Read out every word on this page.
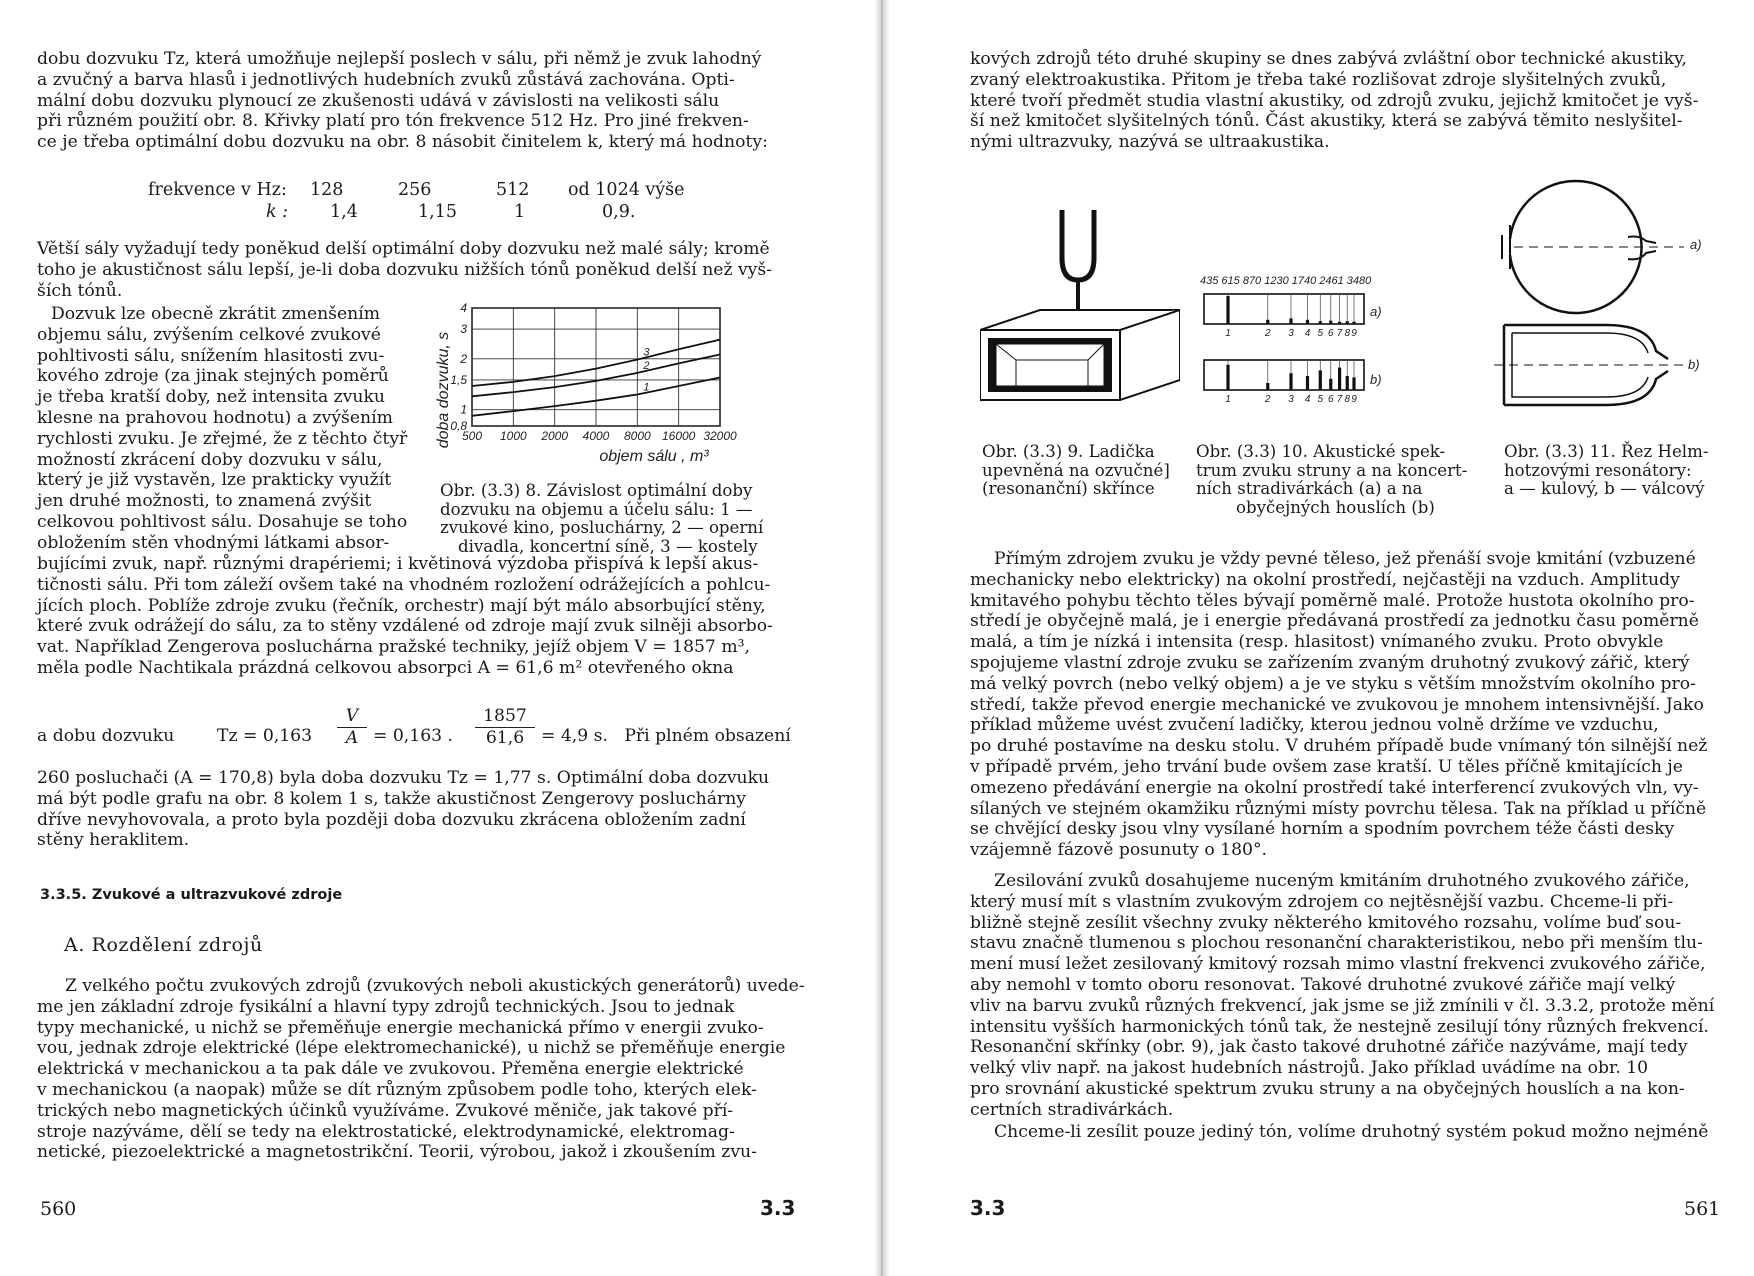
dobu dozvuku Tz, která umožňuje nejlepší poslech v sálu, při němž je zvuk lahodný
a zvučný a barva hlasů i jednotlivých hudebních zvuků zůstává zachována. Opti-
mální dobu dozvuku plynoucí ze zkušenosti udává v závislosti na velikosti sálu
při různém použití obr. 8. Křivky platí pro tón frekvence 512 Hz. Pro jiné frekven-
ce je třeba optimální dobu dozvuku na obr. 8 násobit činitelem k, který má hodnoty:
frekvence v Hz: 128	256	512 od 1024 výše
k : 1,4	1,15	1	0,9.
Větší sály vyžadují tedy poněkud delší optimální doby dozvuku než malé sály; kromě
toho je akustičnost sálu lepší, je-li doba dozvuku nižších tónů poněkud delší než vyš-
ších tónů.
Dozvuk lze obecně zkrátit zmenšením
objemu sálu, zvýšením celkové zvukové
pohltivosti sálu, snížením hlasitosti zvu-
kového zdroje (za jinak stejných poměrů
je třeba kratší doby, než intensita zvuku
klesne na prahovou hodnotu) a zvýšením
rychlosti zvuku. Je zřejmé, že z těchto čtyř
možností zkrácení doby dozvuku v sálu,
který je již vystavěn, lze prakticky využít
jen druhé možnosti, to znamená zvýšit
celkovou pohltivost sálu. Dosahuje se toho
obložením stěn vhodnými látkami absor-
1
2
3
0,8
1
1,5
2
3
4
500 1000 2000 4000 8000 16000 32000
doba dozvuku, s
objem sálu , m³
Obr. (3.3) 8. Závislost optimální doby
dozvuku na objemu a účelu sálu: 1 —
zvukové kino, posluchárny, 2 — operní
divadla, koncertní síně, 3 — kostely
bujícími zvuk, např. různými drapériemi; i květinová výzdoba přispívá k lepší akus-
tičnosti sálu. Při tom záleží ovšem také na vhodném rozložení odrážejících a pohlcu-
jících ploch. Poblíže zdroje zvuku (řečník, orchestr) mají být málo absorbující stěny,
které zvuk odrážejí do sálu, za to stěny vzdálené od zdroje mají zvuk silněji absorbo-
vat. Například Zengerova posluchárna pražské techniky, jejíž objem V = 1857 m³,
měla podle Nachtikala prázdná celkovou absorpci A = 61,6 m² otevřeného okna
a dobu dozvuku Tz = 0,163
V
A = 0,163 .
1857
61,6 = 4,9 s.   Při plném obsazení
260 posluchači (A = 170,8) byla doba dozvuku Tz = 1,77 s. Optimální doba dozvuku
má být podle grafu na obr. 8 kolem 1 s, takže akustičnost Zengerovy posluchárny
dříve nevyhovovala, a proto byla později doba dozvuku zkrácena obložením zadní
stěny heraklitem.
3.3.5. Zvukové a ultrazvukové zdroje
A. Rozdělení zdrojů
Z velkého počtu zvukových zdrojů (zvukových neboli akustických generátorů) uvede-
me jen základní zdroje fysikální a hlavní typy zdrojů technických. Jsou to jednak
typy mechanické, u nichž se přeměňuje energie mechanická přímo v energii zvuko-
vou, jednak zdroje elektrické (lépe elektromechanické), u nichž se přeměňuje energie
elektrická v mechanickou a ta pak dále ve zvukovou. Přeměna energie elektrické
v mechanickou (a naopak) může se dít různým způsobem podle toho, kterých elek-
trických nebo magnetických účinků využíváme. Zvukové měniče, jak takové pří-
stroje nazýváme, dělí se tedy na elektrostatické, elektrodynamické, elektromag-
netické, piezoelektrické a magnetostrikční. Teorii, výrobou, jakož i zkoušením zvu-
560	3.3
kových zdrojů této druhé skupiny se dnes zabývá zvláštní obor technické akustiky,
zvaný elektroakustika. Přitom je třeba také rozlišovat zdroje slyšitelných zvuků,
které tvoří předmět studia vlastní akustiky, od zdrojů zvuku, jejichž kmitočet je vyš-
ší než kmitočet slyšitelných tónů. Část akustiky, která se zabývá těmito neslyšitel-
nými ultrazvuky, nazývá se ultraakustika.
435 615 870 1230 1740 2461 3480
1	2 3 4 5 6 7 8 9
1	2 3 4 5 6 7 8 9
a)
b)
a)
b)
Obr. (3.3) 9. Ladička
upevněná na ozvučné]
(resonanční) skřínce
Obr. (3.3) 10. Akustické spek-
trum zvuku struny a na koncert-
ních stradivárkách (a) a na
obyčejných houslích (b)
Obr. (3.3) 11. Řez Helm-
hotzovými resonátory:
a — kulový, b — válcový
Přímým zdrojem zvuku je vždy pevné těleso, jež přenáší svoje kmitání (vzbuzené
mechanicky nebo elektricky) na okolní prostředí, nejčastěji na vzduch. Amplitudy
kmitavého pohybu těchto těles bývají poměrně malé. Protože hustota okolního pro-
středí je obyčejně malá, je i energie předávaná prostředí za jednotku času poměrně
malá, a tím je nízká i intensita (resp. hlasitost) vnímaného zvuku. Proto obvykle
spojujeme vlastní zdroje zvuku se zařízením zvaným druhotný zvukový zářič, který
má velký povrch (nebo velký objem) a je ve styku s větším množstvím okolního pro-
středí, takže převod energie mechanické ve zvukovou je mnohem intensivnější. Jako
příklad můžeme uvést zvučení ladičky, kterou jednou volně držíme ve vzduchu,
po druhé postavíme na desku stolu. V druhém případě bude vnímaný tón silnější než
v případě prvém, jeho trvání bude ovšem zase kratší. U těles příčně kmitajících je
omezeno předávání energie na okolní prostředí také interferencí zvukových vln, vy-
sílaných ve stejném okamžiku různými místy povrchu tělesa. Tak na příklad u příčně
se chvějící desky jsou vlny vysílané horním a spodním povrchem téže části desky
vzájemně fázově posunuty o 180°.
Zesilování zvuků dosahujeme nuceným kmitáním druhotného zvukového zářiče,
který musí mít s vlastním zvukovým zdrojem co nejtěsnější vazbu. Chceme-li při-
bližně stejně zesílit všechny zvuky některého kmitového rozsahu, volíme buď sou-
stavu značně tlumenou s plochou resonanční charakteristikou, nebo při menším tlu-
mení musí ležet zesilovaný kmitový rozsah mimo vlastní frekvenci zvukového zářiče,
aby nemohl v tomto oboru resonovat. Takové druhotné zvukové zářiče mají velký
vliv na barvu zvuků různých frekvencí, jak jsme se již zmínili v čl. 3.3.2, protože mění
intensitu vyšších harmonických tónů tak, že nestejně zesilují tóny různých frekvencí.
Resonanční skřínky (obr. 9), jak často takové druhotné zářiče nazýváme, mají tedy
velký vliv např. na jakost hudebních nástrojů. Jako příklad uvádíme na obr. 10
pro srovnání akustické spektrum zvuku struny a na obyčejných houslích a na kon-
certních stradivárkách.
Chceme-li zesílit pouze jediný tón, volíme druhotný systém pokud možno nejméně
3.3	561
